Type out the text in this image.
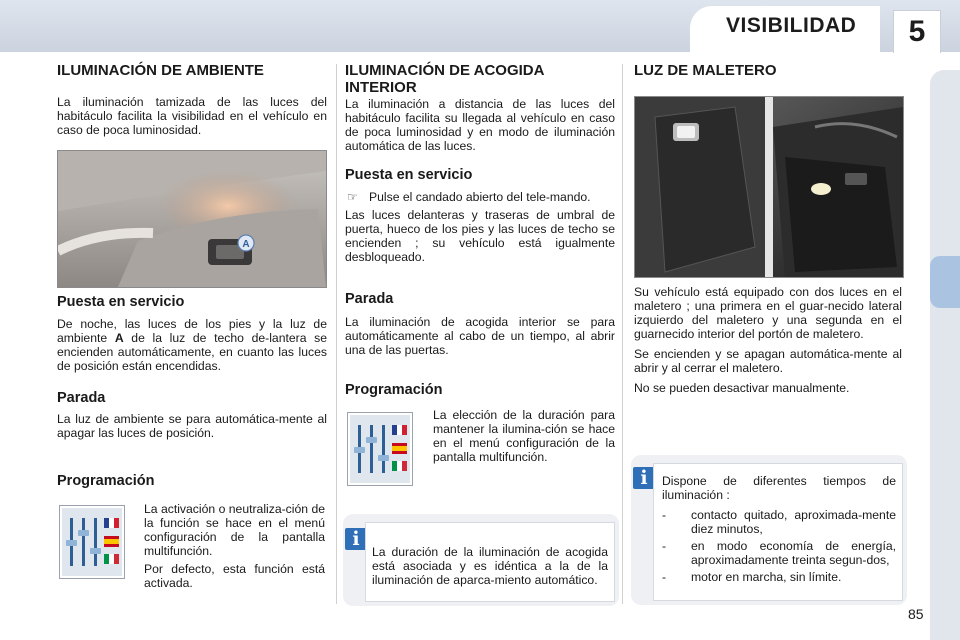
VISIBILIDAD	5
ILUMINACIÓN DE AMBIENTE

La iluminación tamizada de las luces del habitáculo facilita la visibilidad en el vehículo en caso de poca luminosidad.

A
Puesta en servicio

De noche, las luces de los pies y la luz de ambiente A de la luz de techo de-lantera se encienden automáticamente, en cuanto las luces de posición están encendidas.

Parada

La luz de ambiente se para automática-mente al apagar las luces de posición.

Programación

La activación o neutraliza-ción de la función se hace en el menú configuración de la pantalla multifunción.

Por defecto, esta función está activada.

ILUMINACIÓN DE ACOGIDA INTERIOR

La iluminación a distancia de las luces del habitáculo facilita su llegada al vehículo en caso de poca luminosidad y en modo de iluminación automática de las luces.

Puesta en servicio
☞ Pulse el candado abierto del tele-mando.

Las luces delanteras y traseras de umbral de puerta, hueco de los pies y las luces de techo se encienden ; su vehículo está igualmente desbloqueado.

Parada

La iluminación de acogida interior se para automáticamente al cabo de un tiempo, al abrir una de las puertas.

Programación

La elección de la duración para mantener la ilumina-ción se hace en el menú configuración de la pantalla multifunción.

i

La duración de la iluminación de acogida está asociada y es idéntica a la de la iluminación de aparca-miento automático.

LUZ DE MALETERO

Su vehículo está equipado con dos luces en el maletero ; una primera en el guar-necido lateral izquierdo del maletero y una segunda en el guarnecido interior del portón de maletero.

Se encienden y se apagan automática-mente al abrir y al cerrar el maletero.

No se pueden desactivar manualmente.

i	Dispone de diferentes tiempos de iluminación :

- contacto quitado, aproximada-mente diez minutos,
- en modo economía de energía, aproximadamente treinta segun-dos,
- motor en marcha, sin límite.
85
